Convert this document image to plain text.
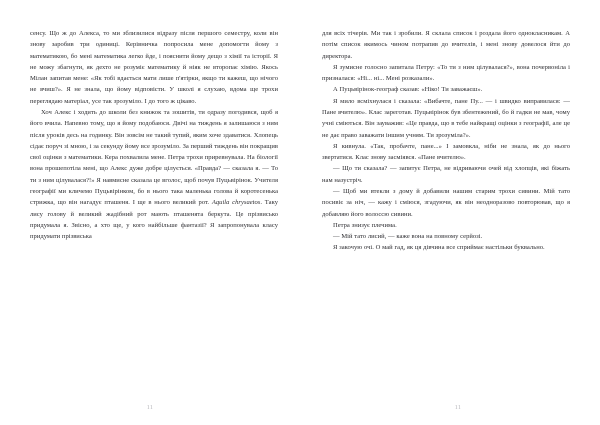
сенсу. Що ж до Алекса, то ми зблизилися відразу після першого семестру, коли він знову заробив три одиниці. Керівничка попросила мене допомогти йому з математикою, бо мені математика легко йде, і пояснити йому дещо з хімії та історії. Я не можу збагнути, як дехто не розуміє математику й ніяк не второпає хімію. Якось Мілан запитав мене: «Як тобі вдається мати лише п'ятірки, якщо ти кажеш, що нічого не вчиш?». Я не знала, що йому відповісти. У школі я слухаю, вдома ще трохи переглядаю матеріал, усе так зрозуміло. І до того ж цікаво.

Хоч Алекс і ходить до школи без книжок та зошитів, ти одразу погодився, щоб я його вчила. Напевно тому, що я йому подобаюся. Двічі на тиждень я залишаюся з ним після уроків десь на годинку. Він зовсім не такий тупий, яким хоче здаватися. Хлопець сідає поруч зі мною, і за секунду йому все зрозуміло. За перший тиждень він покращив свої оцінки з математики. Кера похвалила мене. Петра трохи приревнувала. На біології вона прошепотіла мені, що Алекс дуже добре цілується. «Правда? — сказала я. — То ти з ним цілувалася?!» Я навмисне сказала це вголос, щоб почув Пуцьвірінок. Учителя географії ми кличемо Пуцьвірінком, бо в нього така маленька голова й коротесенька стрижка, що він нагадує пташеня. І ще в нього великий рот. Aquila chrysaetos. Таку лису голову й великий жадібний рот мають пташенята беркута. Це прізвисько придумала я. Звісно, а хто ще, у кого найбільше фантазії? Я запропонувала класу придумати прізвиська

11

для всіх тічерів. Ми так і зробили. Я склала список і роздала його однокласникам. А потім список якимось чином потрапив до вчителів, і мені знову довелося йти до директора.

Я зумисне голосно запитала Петру: «То ти з ним цілувалася?», вона почервоніла і призналася: «Ні... ні... Мені розказали».

А Пуцьвірінок-географ сказав: «Ніко! Ти заважаєш».

Я мило всміхнулася і сказала: «Вибачте, пане Пу... — і швидко виправилася: — Пане вчителю». Клас зареготав. Пуцьвірінок був збентежений, бо й гадки не мав, чому учні сміються. Він зауважив: «Це правда, що в тебе найкращі оцінки з географії, але це не дає право заважати іншим учням. Ти зрозуміла?».

Я кивнула. «Так, пробачте, пане...» І замовкла, ніби не знала, як до нього звертатися. Клас знову засміявся. «Пане вчителю».

— Що ти сказала? — запитує Петра, не відриваючи очей від хлопців, які біжать нам назустріч.

— Щоб ми втекли з дому й добавили нашим старим трохи сивини. Мій тато посивіє за ніч, — кажу і сміюся, згадуючи, як він неодноразово повторював, що я добавляю його волоссю сивини.

Петра знизує плечима.

— Мій тато лисий, — каже вона на повному серйозі.

Я закочую очі. О май гад, як ця дівчина все сприймає настільки буквально.

11
